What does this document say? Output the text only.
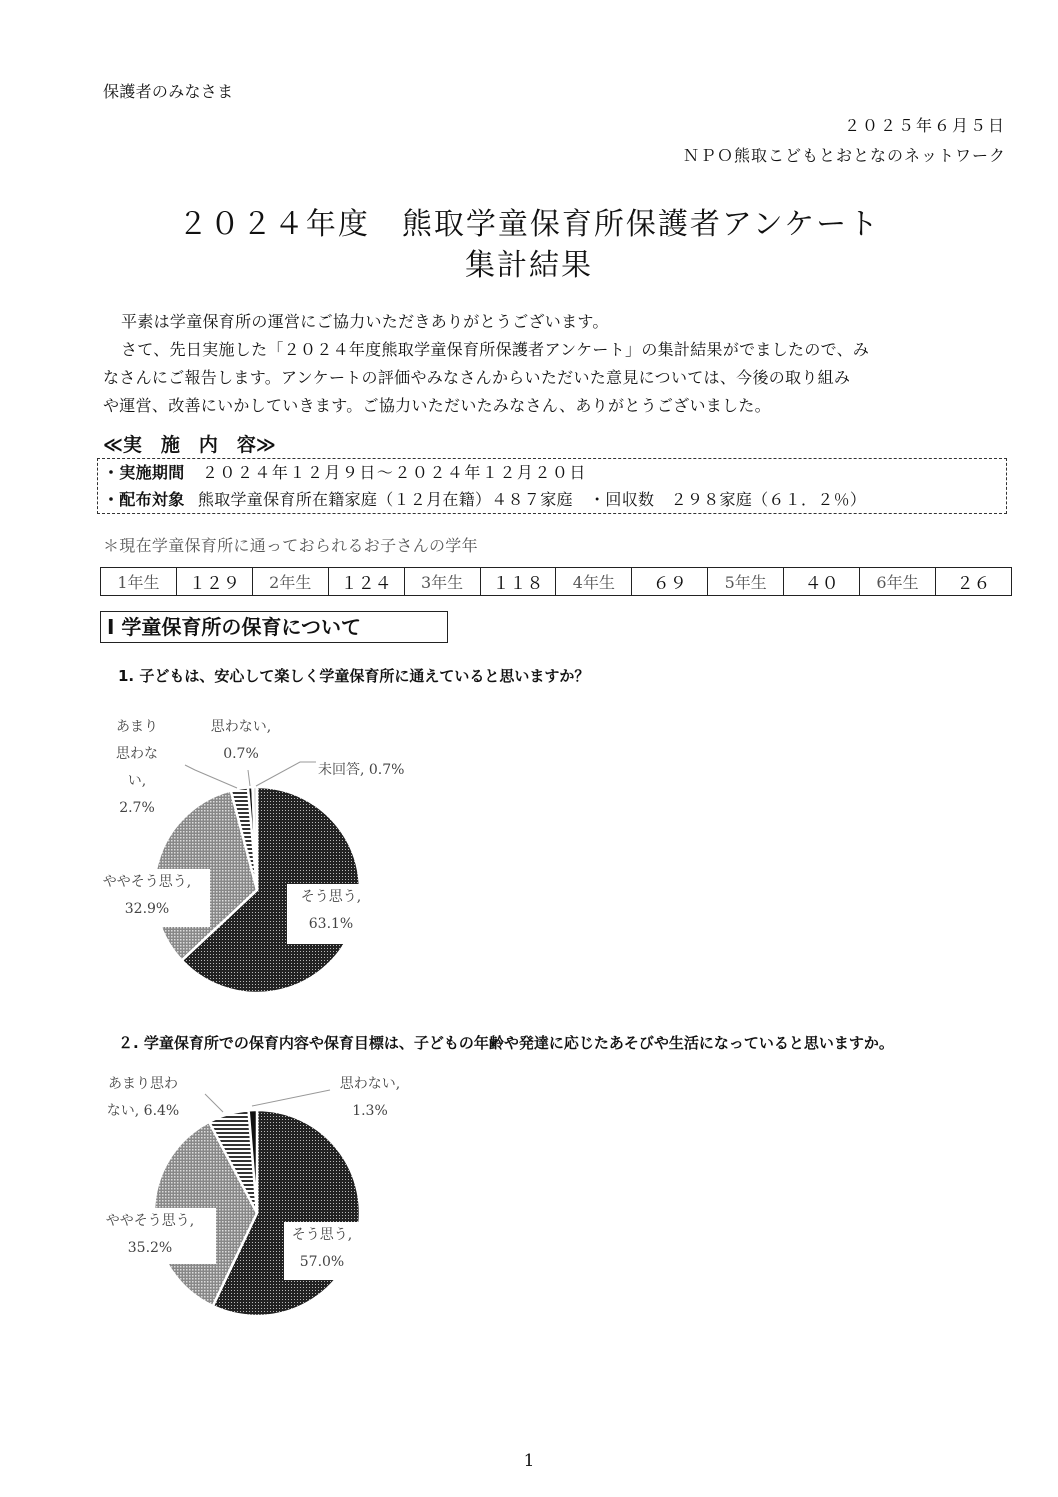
保護者のみなさま
２０２５年６月５日
ＮＰＯ熊取こどもとおとなのネットワーク
２０２４年度　熊取学童保育所保護者アンケート
集計結果
平素は学童保育所の運営にご協力いただきありがとうございます。
さて、先日実施した「２０２４年度熊取学童保育所保護者アンケート」の集計結果がでましたので、み
なさんにご報告します。アンケートの評価やみなさんからいただいた意見については、今後の取り組み
や運営、改善にいかしていきます。ご協力いただいたみなさん、ありがとうございました。
≪実　施　内　容≫
・実施期間 ２０２４年１２月９日～２０２４年１２月２０日
・配布対象 熊取学童保育所在籍家庭（１２月在籍）４８７家庭　・回収数　２９８家庭（６１．２％）
＊現在学童保育所に通っておられるお子さんの学年
1年生	１２９	2年生	１２４	3年生	１１８	4年生	６９	5年生	４０	6年生	２６
Ⅰ 学童保育所の保育について
1. 子どもは、安心して楽しく学童保育所に通えていると思いますか？
２. 学童保育所での保育内容や保育目標は、子どもの年齢や発達に応じたあそびや生活になっていると思いますか。
あまり
思わな
い,
2.7%
思わない,
0.7%
未回答, 0.7%
ややそう思う,
32.9%
そう思う,
63.1%
あまり思わ
ない, 6.4%
思わない,
1.3%
ややそう思う,
35.2%
そう思う,
57.0%
1
